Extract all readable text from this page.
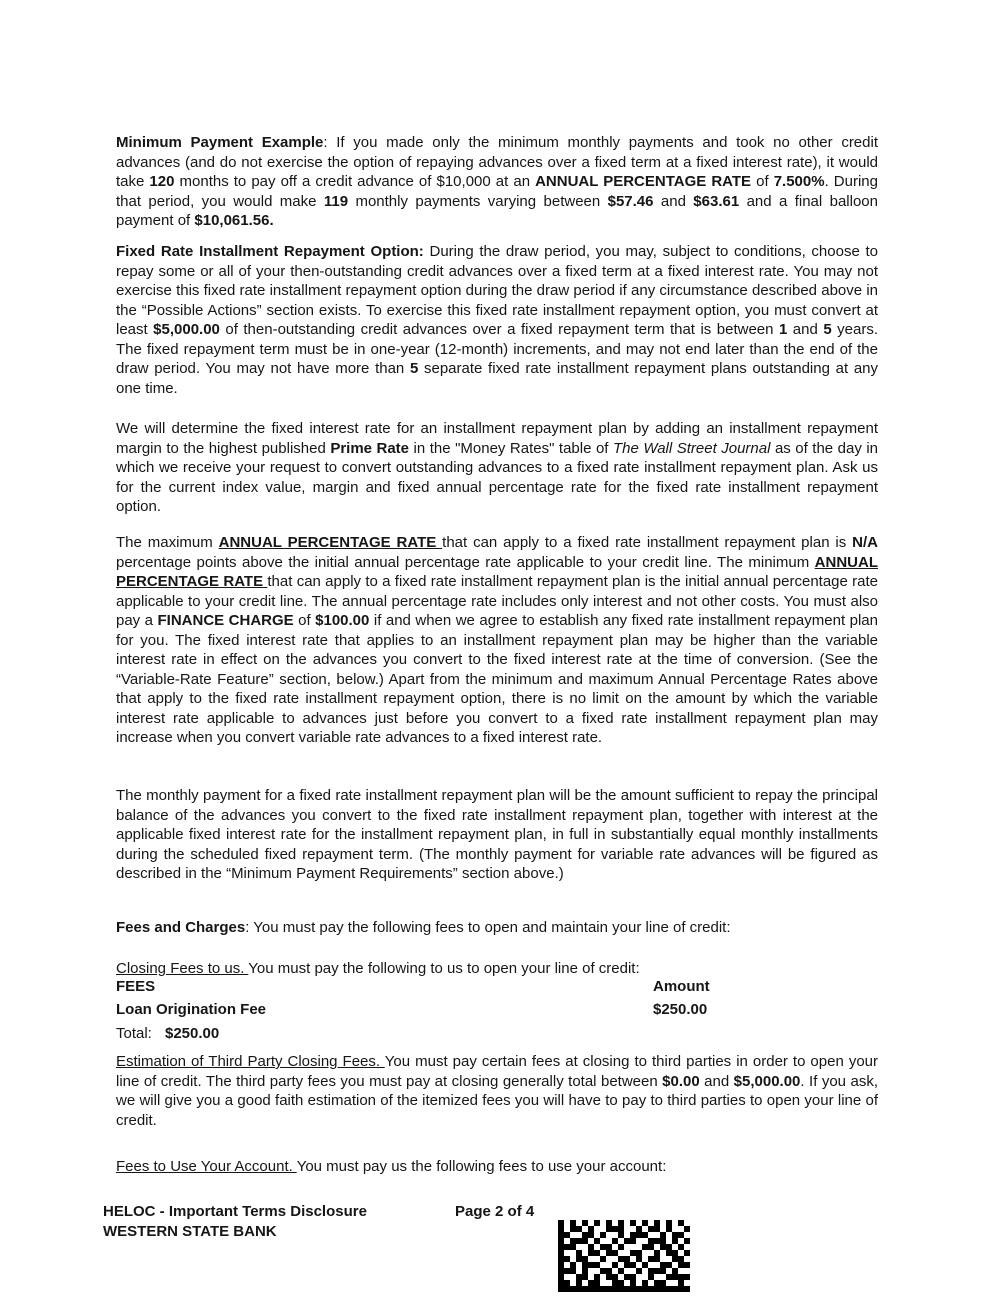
Minimum Payment Example: If you made only the minimum monthly payments and took no other credit advances (and do not exercise the option of repaying advances over a fixed term at a fixed interest rate), it would take 120 months to pay off a credit advance of $10,000 at an ANNUAL PERCENTAGE RATE of 7.500%. During that period, you would make 119 monthly payments varying between $57.46 and $63.61 and a final balloon payment of $10,061.56.

Fixed Rate Installment Repayment Option: During the draw period, you may, subject to conditions, choose to repay some or all of your then-outstanding credit advances over a fixed term at a fixed interest rate. You may not exercise this fixed rate installment repayment option during the draw period if any circumstance described above in the “Possible Actions” section exists. To exercise this fixed rate installment repayment option, you must convert at least $5,000.00 of then-outstanding credit advances over a fixed repayment term that is between 1 and 5 years. The fixed repayment term must be in one-year (12-month) increments, and may not end later than the end of the draw period. You may not have more than 5 separate fixed rate installment repayment plans outstanding at any one time.

We will determine the fixed interest rate for an installment repayment plan by adding an installment repayment margin to the highest published Prime Rate in the "Money Rates" table of The Wall Street Journal as of the day in which we receive your request to convert outstanding advances to a fixed rate installment repayment plan. Ask us for the current index value, margin and fixed annual percentage rate for the fixed rate installment repayment option.

The maximum ANNUAL PERCENTAGE RATE that can apply to a fixed rate installment repayment plan is N/A percentage points above the initial annual percentage rate applicable to your credit line. The minimum ANNUAL PERCENTAGE RATE that can apply to a fixed rate installment repayment plan is the initial annual percentage rate applicable to your credit line. The annual percentage rate includes only interest and not other costs. You must also pay a FINANCE CHARGE of $100.00 if and when we agree to establish any fixed rate installment repayment plan for you. The fixed interest rate that applies to an installment repayment plan may be higher than the variable interest rate in effect on the advances you convert to the fixed interest rate at the time of conversion. (See the “Variable-Rate Feature” section, below.) Apart from the minimum and maximum Annual Percentage Rates above that apply to the fixed rate installment repayment option, there is no limit on the amount by which the variable interest rate applicable to advances just before you convert to a fixed rate installment repayment plan may increase when you convert variable rate advances to a fixed interest rate.

The monthly payment for a fixed rate installment repayment plan will be the amount sufficient to repay the principal balance of the advances you convert to the fixed rate installment repayment plan, together with interest at the applicable fixed interest rate for the installment repayment plan, in full in substantially equal monthly installments during the scheduled fixed repayment term. (The monthly payment for variable rate advances will be figured as described in the “Minimum Payment Requirements” section above.)

Fees and Charges: You must pay the following fees to open and maintain your line of credit:

Closing Fees to us. You must pay the following to us to open your line of credit:

FEES	Amount
Loan Origination Fee	$250.00
Total: $250.00

Estimation of Third Party Closing Fees. You must pay certain fees at closing to third parties in order to open your line of credit. The third party fees you must pay at closing generally total between $0.00 and $5,000.00. If you ask, we will give you a good faith estimation of the itemized fees you will have to pay to third parties to open your line of credit.

Fees to Use Your Account. You must pay us the following fees to use your account:

HELOC - Important Terms Disclosure
WESTERN STATE BANK
Page 2 of 4
